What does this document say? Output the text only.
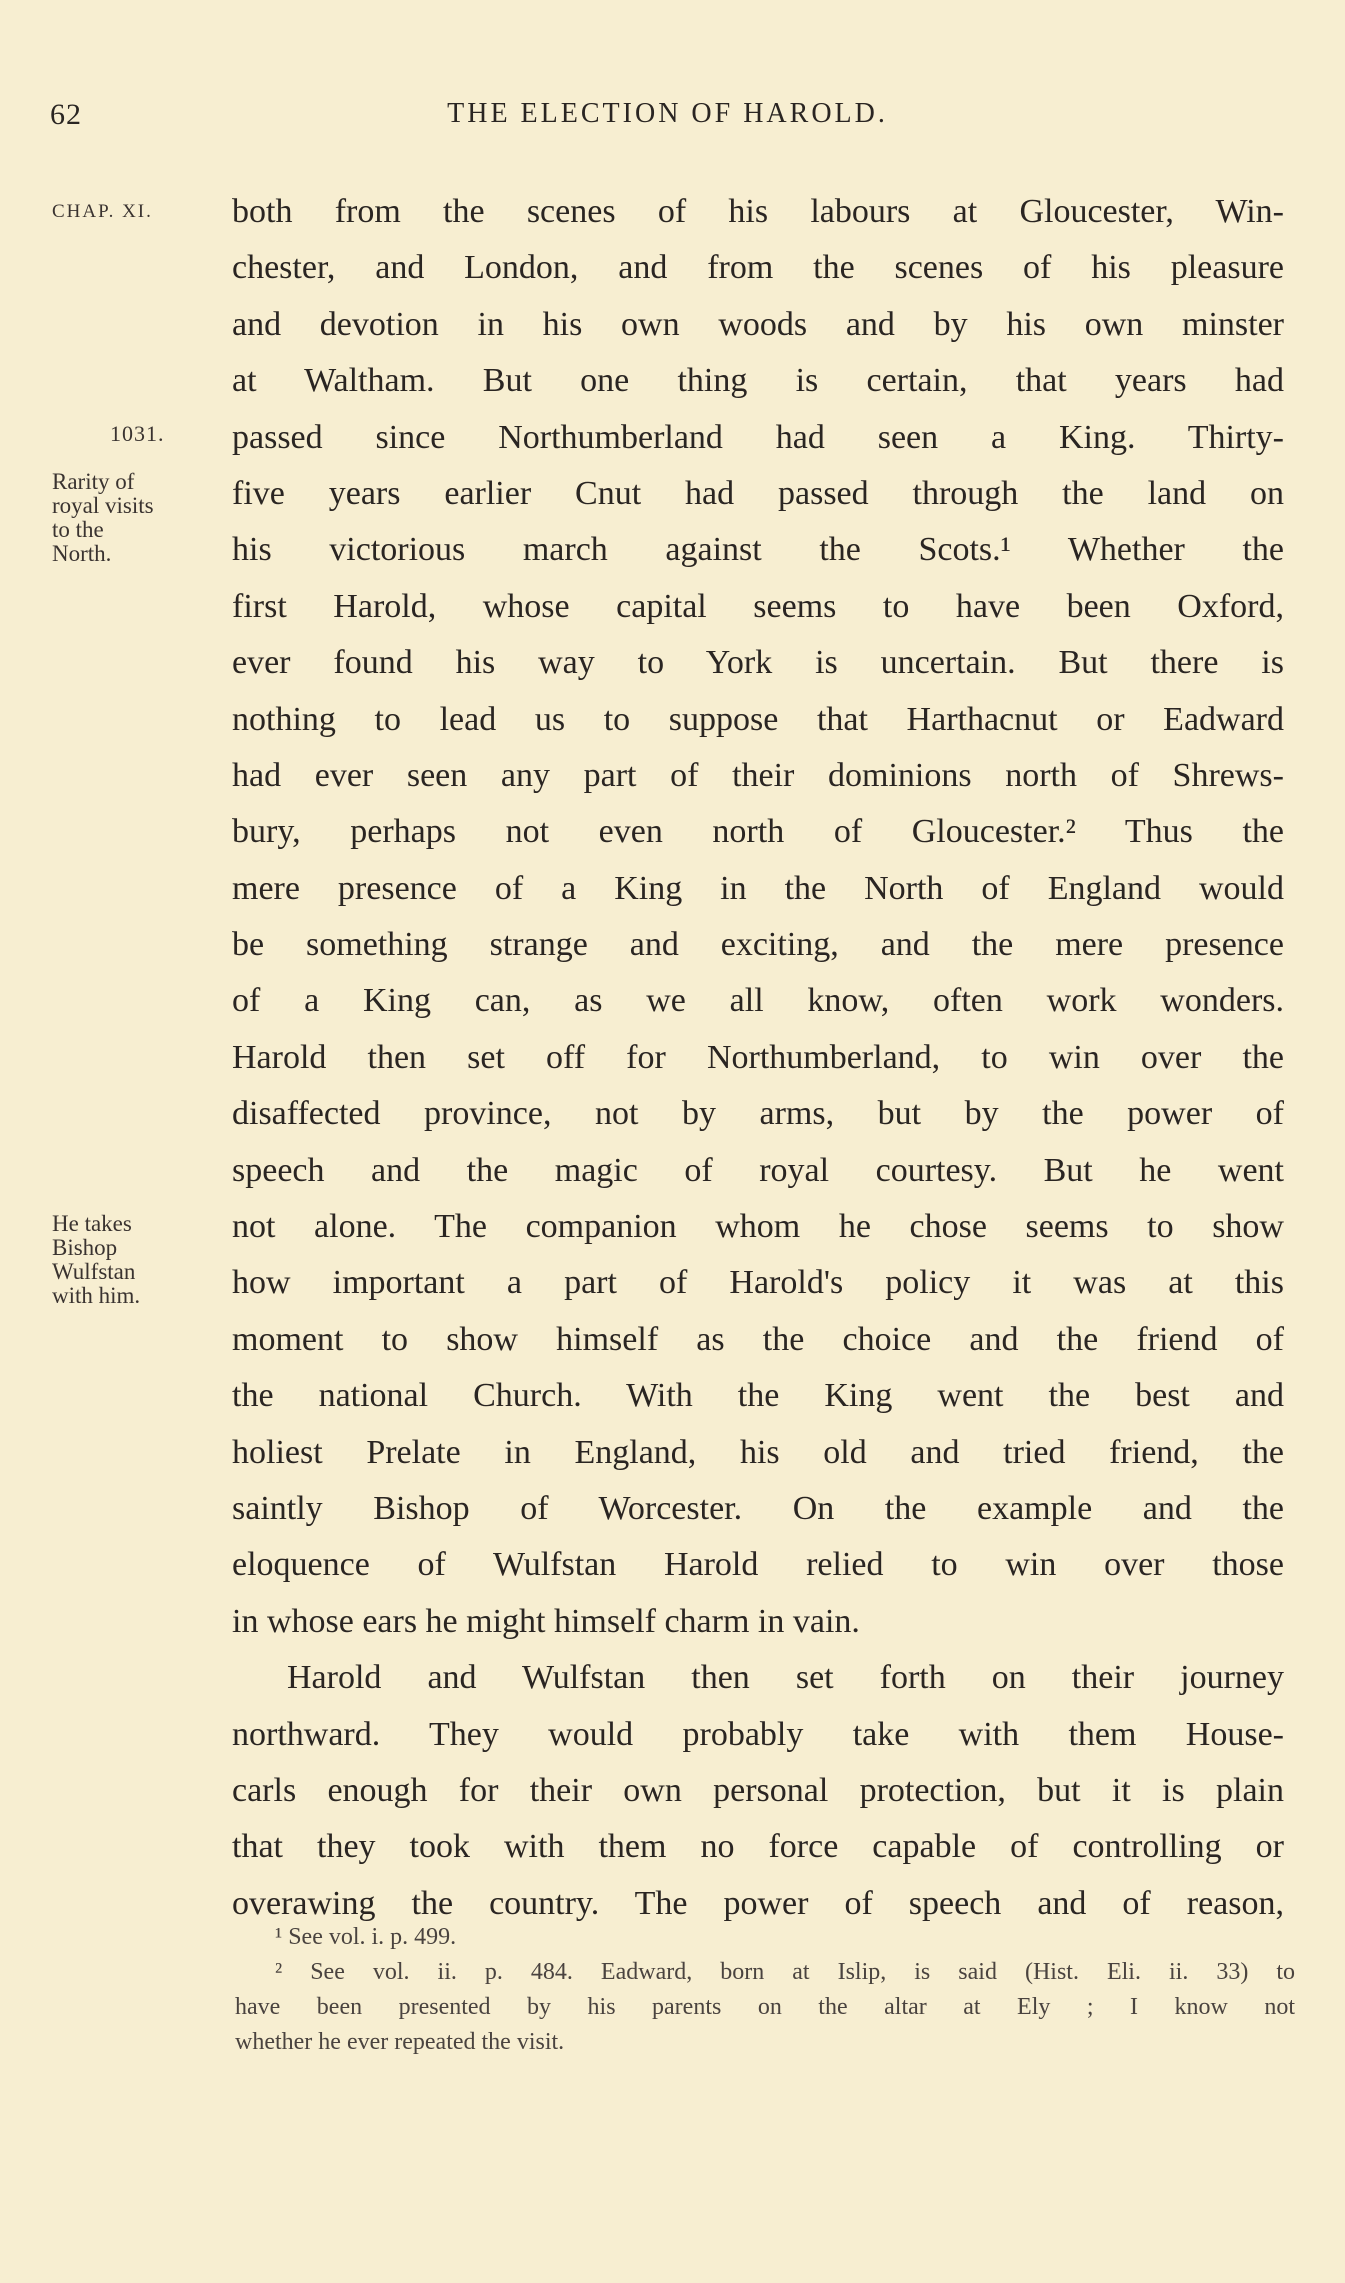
62	THE ELECTION OF HAROLD.
CHAP. XI.
1031.
Rarity of
royal visits
to the
North.
He takes
Bishop
Wulfstan
with him.
both from the scenes of his labours at Gloucester, Win-
chester, and London, and from the scenes of his pleasure
and devotion in his own woods and by his own minster
at Waltham. But one thing is certain, that years had
passed since Northumberland had seen a King. Thirty-
five years earlier Cnut had passed through the land on
his victorious march against the Scots.¹ Whether the
first Harold, whose capital seems to have been Oxford,
ever found his way to York is uncertain. But there is
nothing to lead us to suppose that Harthacnut or Eadward
had ever seen any part of their dominions north of Shrews-
bury, perhaps not even north of Gloucester.² Thus the
mere presence of a King in the North of England would
be something strange and exciting, and the mere presence
of a King can, as we all know, often work wonders.
Harold then set off for Northumberland, to win over the
disaffected province, not by arms, but by the power of
speech and the magic of royal courtesy. But he went
not alone. The companion whom he chose seems to show
how important a part of Harold's policy it was at this
moment to show himself as the choice and the friend of
the national Church. With the King went the best and
holiest Prelate in England, his old and tried friend, the
saintly Bishop of Worcester. On the example and the
eloquence of Wulfstan Harold relied to win over those
in whose ears he might himself charm in vain.
Harold and Wulfstan then set forth on their journey
northward. They would probably take with them House-
carls enough for their own personal protection, but it is plain
that they took with them no force capable of controlling or
overawing the country. The power of speech and of reason,
¹ See vol. i. p. 499.
² See vol. ii. p. 484. Eadward, born at Islip, is said (Hist. Eli. ii. 33) to
have been presented by his parents on the altar at Ely ; I know not
whether he ever repeated the visit.
